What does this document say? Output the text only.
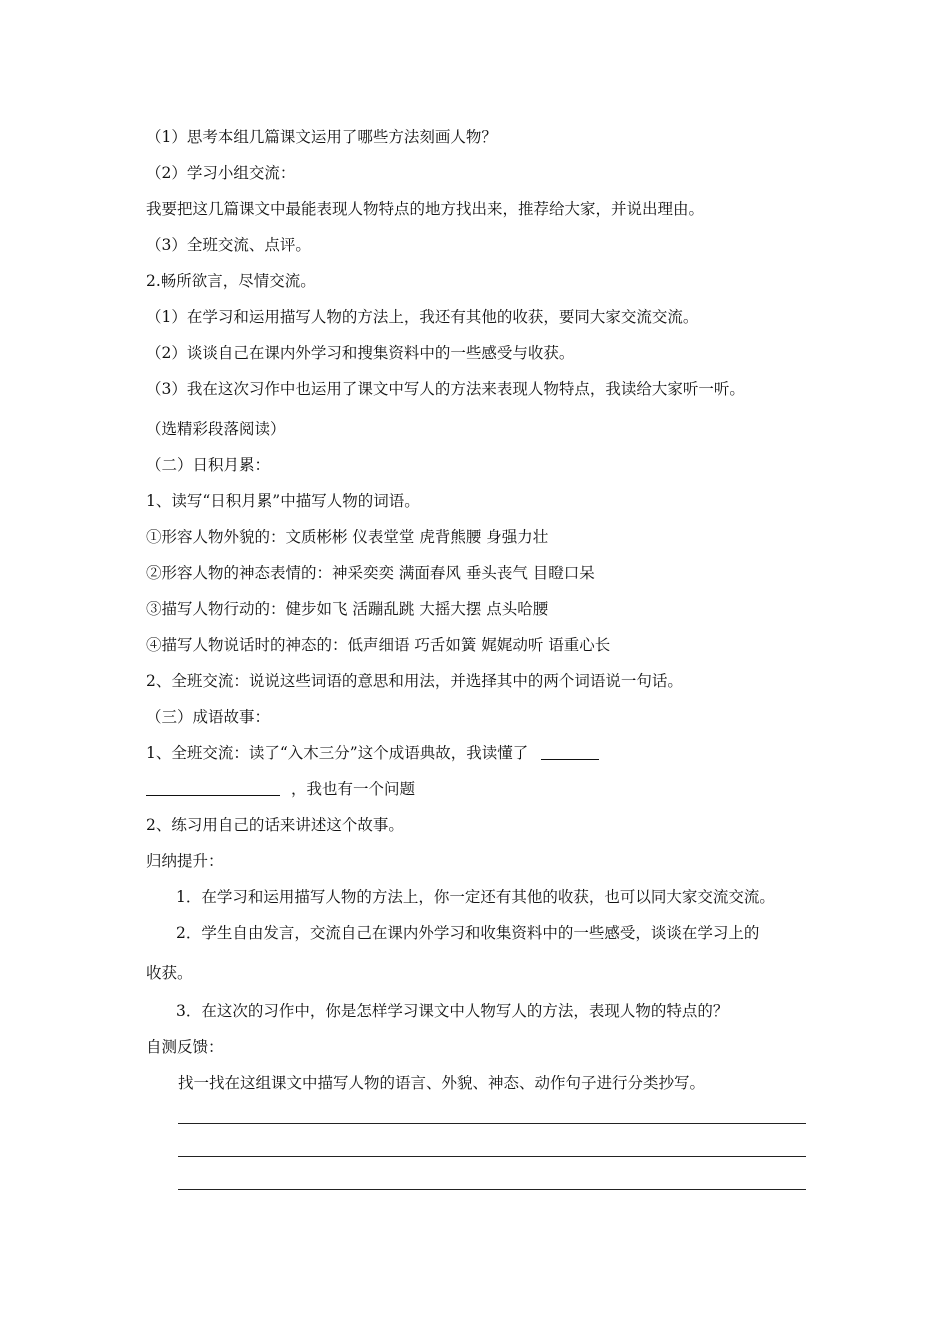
（1）思考本组几篇课文运用了哪些方法刻画人物？
（2）学习小组交流：
我要把这几篇课文中最能表现人物特点的地方找出来，推荐给大家，并说出理由。
（3）全班交流、点评。
2.畅所欲言，尽情交流。
（1）在学习和运用描写人物的方法上，我还有其他的收获，要同大家交流交流。
（2）谈谈自己在课内外学习和搜集资料中的一些感受与收获。
（3）我在这次习作中也运用了课文中写人的方法来表现人物特点，我读给大家听一听。
（选精彩段落阅读）
（二）日积月累：
1、读写“日积月累”中描写人物的词语。
①形容人物外貌的：文质彬彬 仪表堂堂 虎背熊腰 身强力壮
②形容人物的神态表情的：神采奕奕 满面春风 垂头丧气 目瞪口呆
③描写人物行动的：健步如飞 活蹦乱跳 大摇大摆 点头哈腰
④描写人物说话时的神态的：低声细语 巧舌如簧 娓娓动听 语重心长
2、全班交流：说说这些词语的意思和用法，并选择其中的两个词语说一句话。
（三）成语故事：
1、全班交流：读了“入木三分”这个成语典故，我读懂了
，我也有一个问题
2、练习用自己的话来讲述这个故事。
归纳提升：
1．在学习和运用描写人物的方法上，你一定还有其他的收获，也可以同大家交流交流。
2．学生自由发言，交流自己在课内外学习和收集资料中的一些感受，谈谈在学习上的
收获。
3．在这次的习作中，你是怎样学习课文中人物写人的方法，表现人物的特点的？
自测反馈：
找一找在这组课文中描写人物的语言、外貌、神态、动作句子进行分类抄写。
